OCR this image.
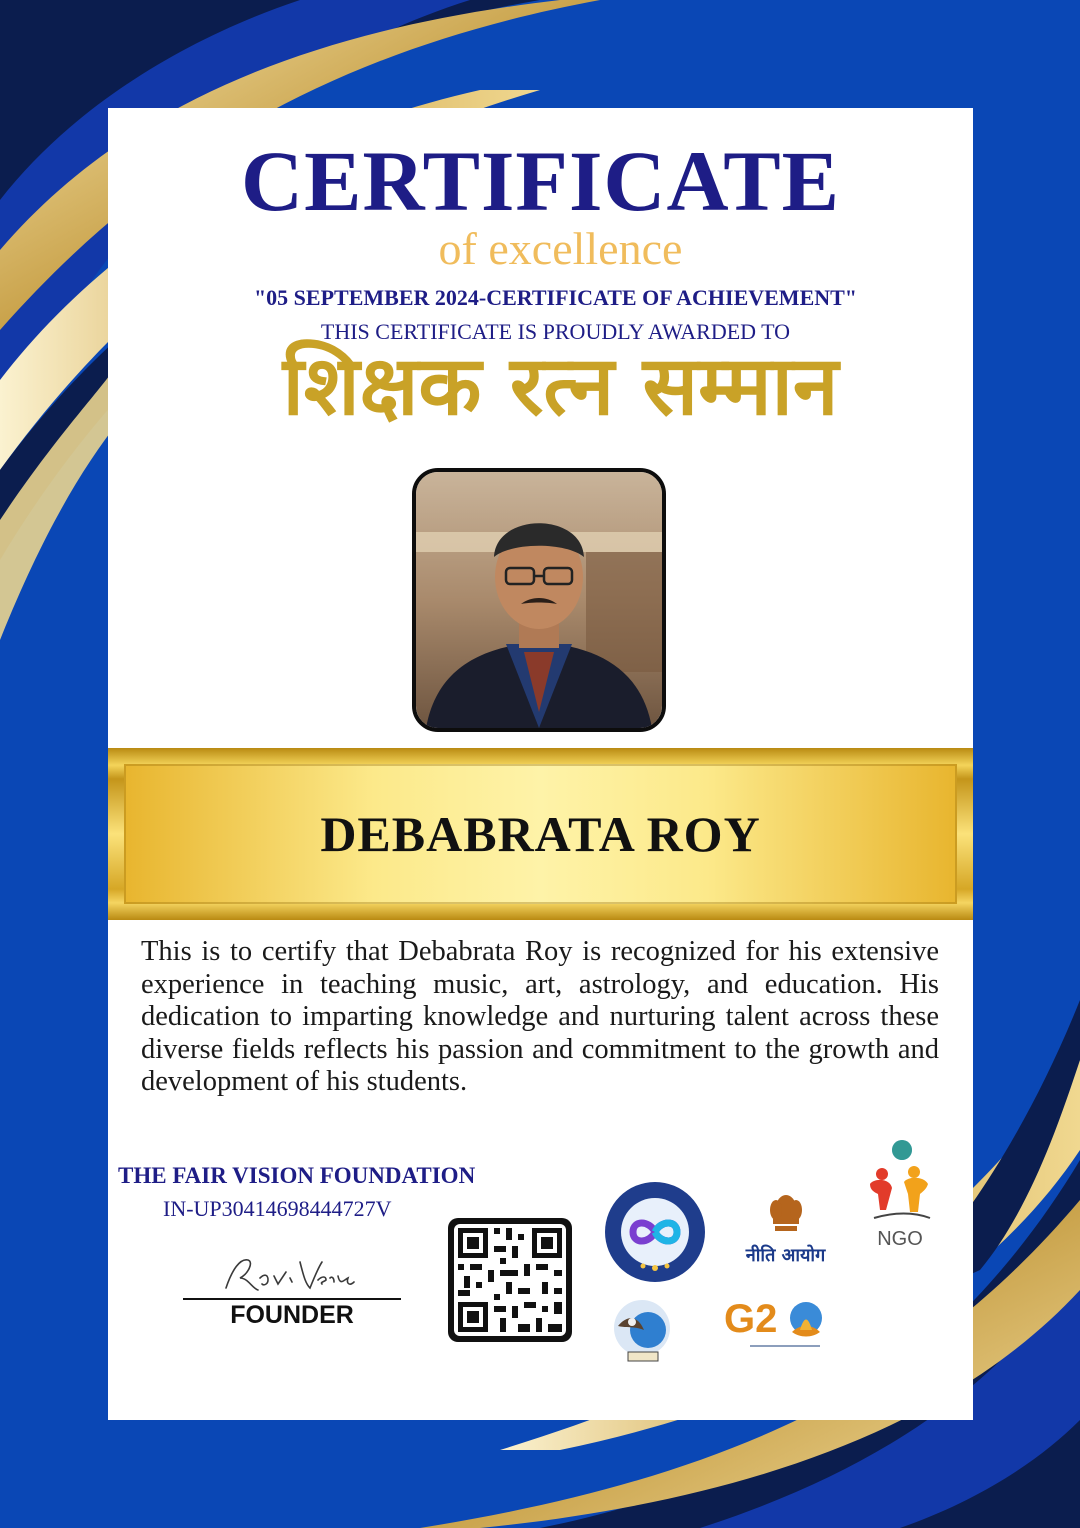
CERTIFICATE
of excellence
"05 SEPTEMBER 2024-CERTIFICATE OF ACHIEVEMENT"
THIS CERTIFICATE IS PROUDLY AWARDED TO
शिक्षक रत्न सम्मान
DEBABRATA ROY

This is to certify that Debabrata Roy is recognized for his extensive experience in teaching music, art, astrology, and education. His dedication to imparting knowledge and nurturing talent across these diverse fields reflects his passion and commitment to the growth and development of his students.

THE FAIR VISION FOUNDATION
IN-UP30414698444727V
FOUNDER
नीति आयोग
G2
NGO
